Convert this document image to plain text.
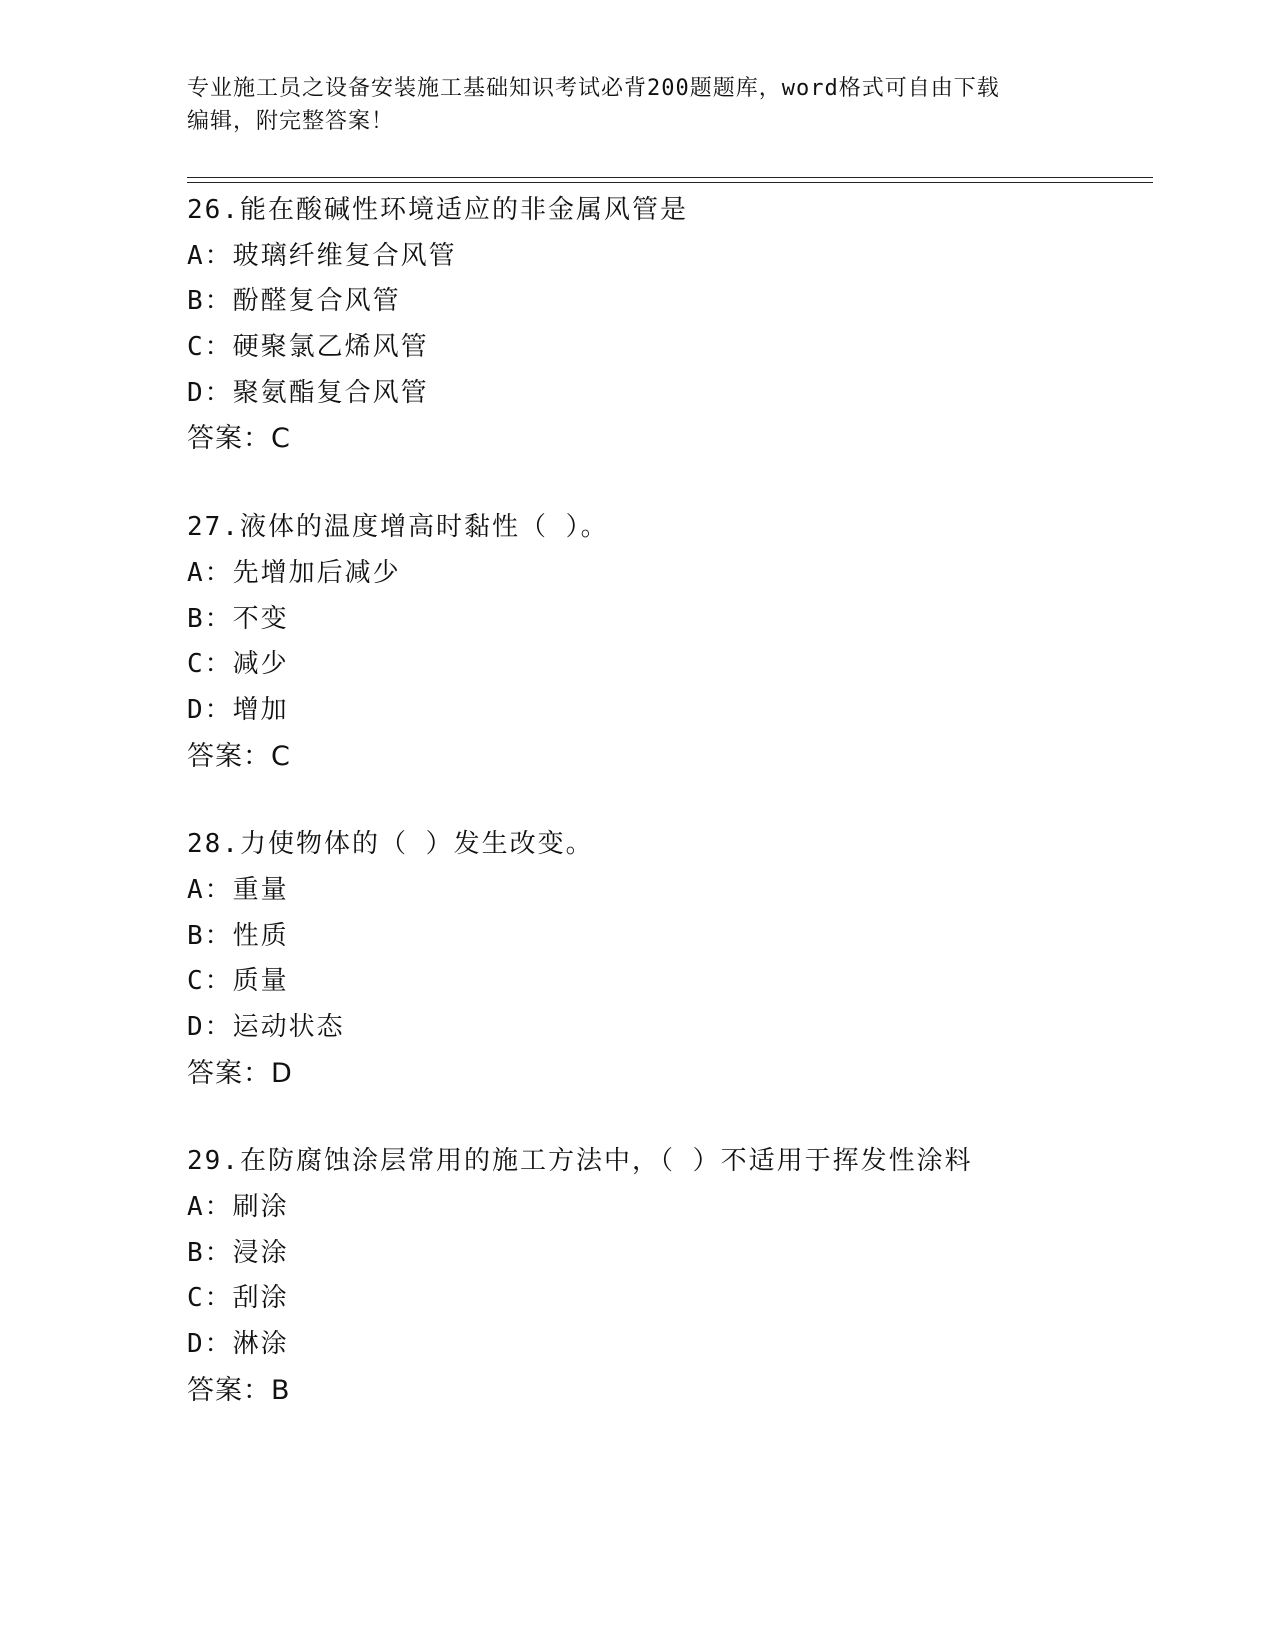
专业施工员之设备安装施工基础知识考试必背200题题库，word格式可自由下载
编辑，附完整答案！
26.能在酸碱性环境适应的非金属风管是
A：玻璃纤维复合风管
B：酚醛复合风管
C：硬聚氯乙烯风管
D：聚氨酯复合风管
答案：C
27.液体的温度增高时黏性（ ）。
A：先增加后减少
B：不变
C：减少
D：增加
答案：C
28.力使物体的（ ）发生改变。
A：重量
B：性质
C：质量
D：运动状态
答案：D
29.在防腐蚀涂层常用的施工方法中，（ ）不适用于挥发性涂料
A：刷涂
B：浸涂
C：刮涂
D：淋涂
答案：B
